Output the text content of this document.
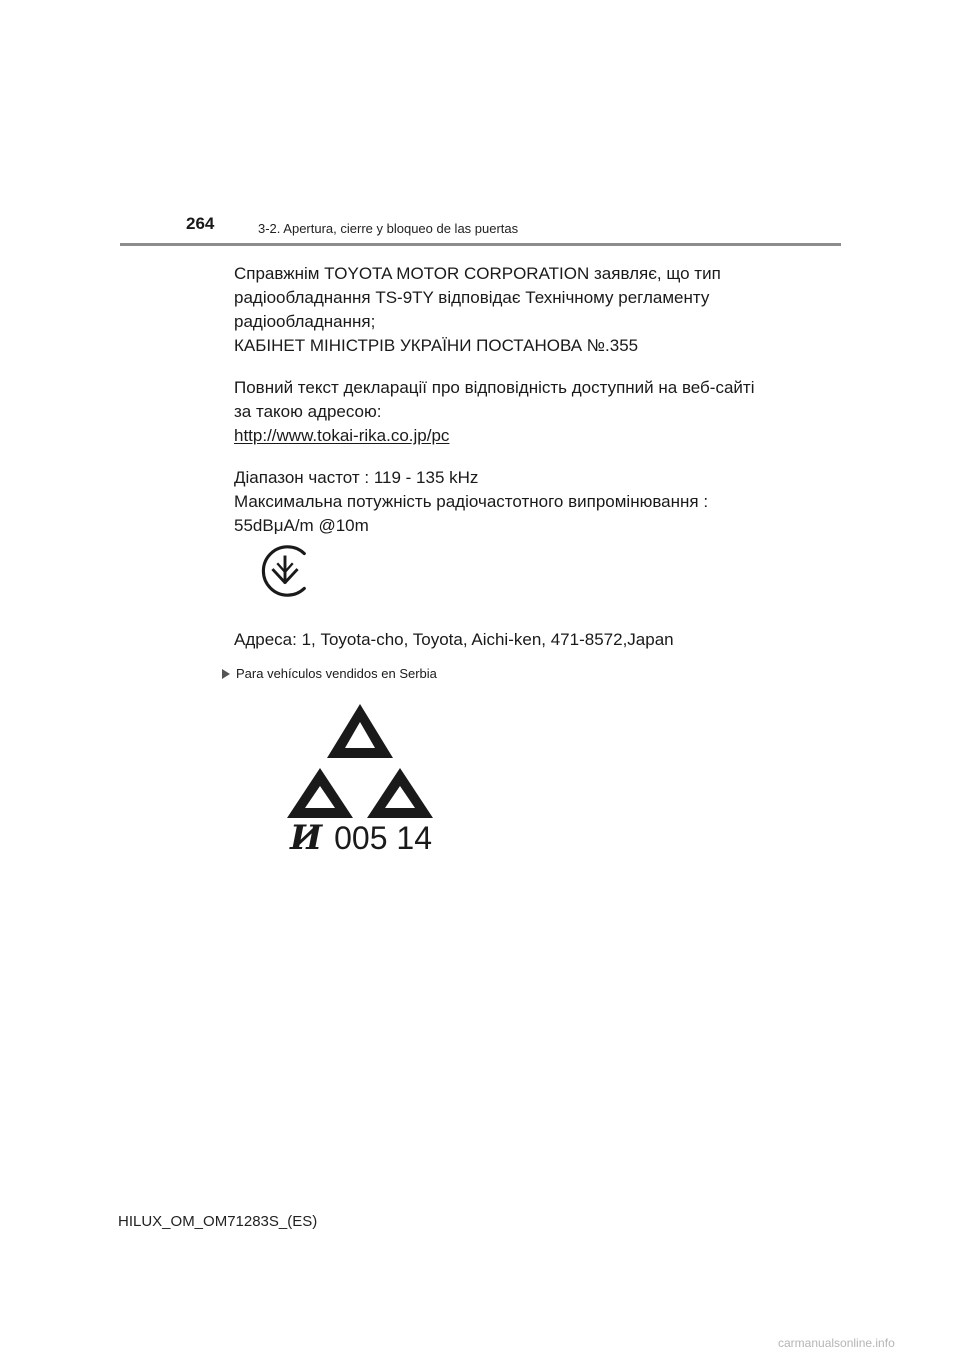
264	3-2. Apertura, cierre y bloqueo de las puertas

Справжнім TOYOTA MOTOR CORPORATION заявляє, що тип

радіообладнання TS-9TY відповідає Технічному регламенту

радіообладнання;

КАБІНЕТ МІНІСТРІВ УКРАЇНИ ПОСТАНОВА №.355

Повний текст декларації про відповідність доступний на веб-сайті

за такою адресою:

http://www.tokai-rika.co.jp/pc

Діапазон частот : 119 - 135 kHz

Максимальна потужність радіочастотного випромінювання :

55dBμA/m @10m

Адреса: 1, Toyota-cho, Toyota, Aichi-ken, 471-8572,Japan
Para vehículos vendidos en Serbia
И 005 14
HILUX_OM_OM71283S_(ES)
carmanualsonline.info
